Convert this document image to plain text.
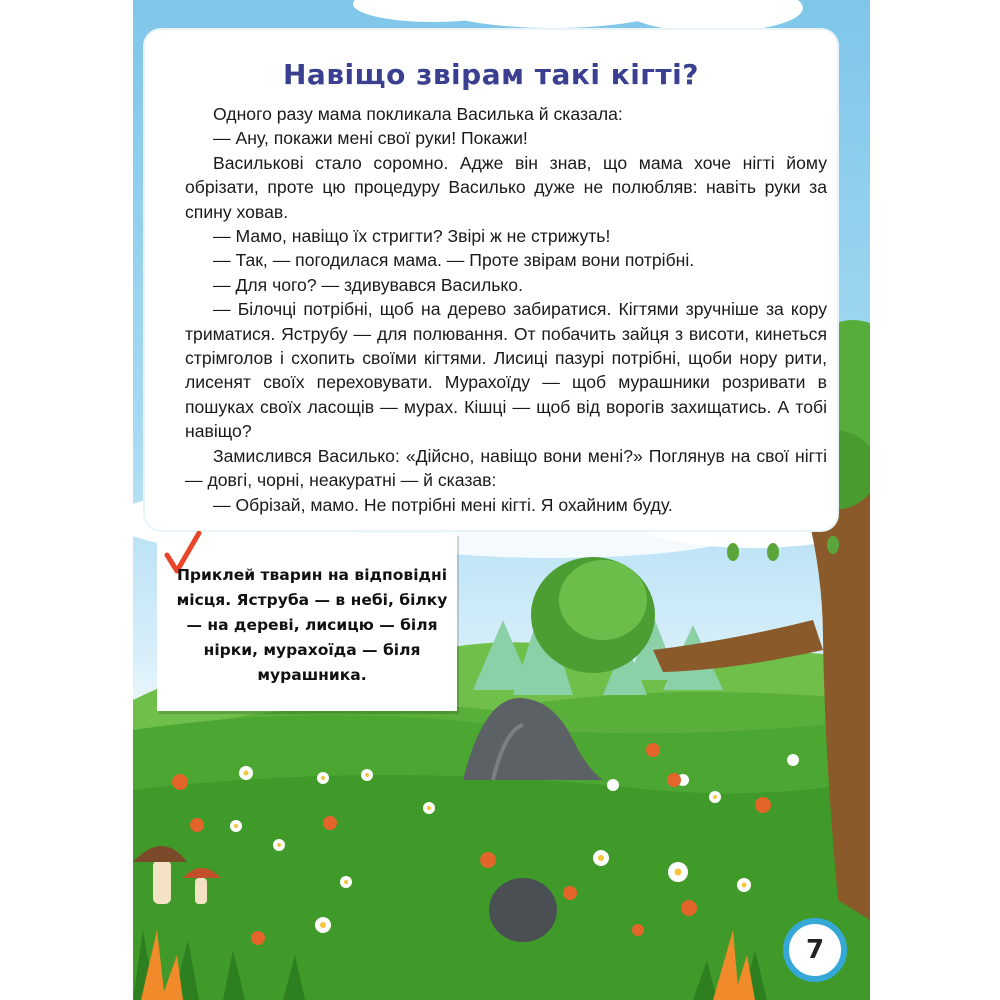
Навіщо звірам такі кігті?

Одного разу мама покликала Василька й сказала:

— Ану, покажи мені свої руки! Покажи!

Васильковi стало соромно. Адже він знав, що мама хоче нігті йому обрізати, проте цю процедуру Василько дуже не полюбляв: навіть руки за спину ховав.

— Мамо, навіщо їх стригти? Звірі ж не стрижуть!

— Так, — погодилася мама. — Проте звірам вони потрібні.

— Для чого? — здивувався Василько.

— Білочці потрібні, щоб на дерево забиратися. Кігтями зручніше за кору триматися. Яструбу — для полювання. От побачить зайця з висоти, кинеться стрімголов і схопить своїми кігтями. Лисиці пазурі потрібні, щоби нору рити, лисенят своїх переховувати. Мурахоїду — щоб мурашники розривати в пошуках своїх ласощів — мурах. Кішці — щоб від ворогів захищатись. А тобі навіщо?

Замислився Василько: «Дійсно, навіщо вони мені?» Поглянув на свої нігті — довгі, чорні, неакуратні — й сказав:

— Обрізай, мамо. Не потрібні мені кігті. Я охайним буду.

Приклей тварин на відповідні місця. Яструба — в небі, білку — на дереві, лисицю — біля нірки, мурахоїда — біля мурашника.
7
